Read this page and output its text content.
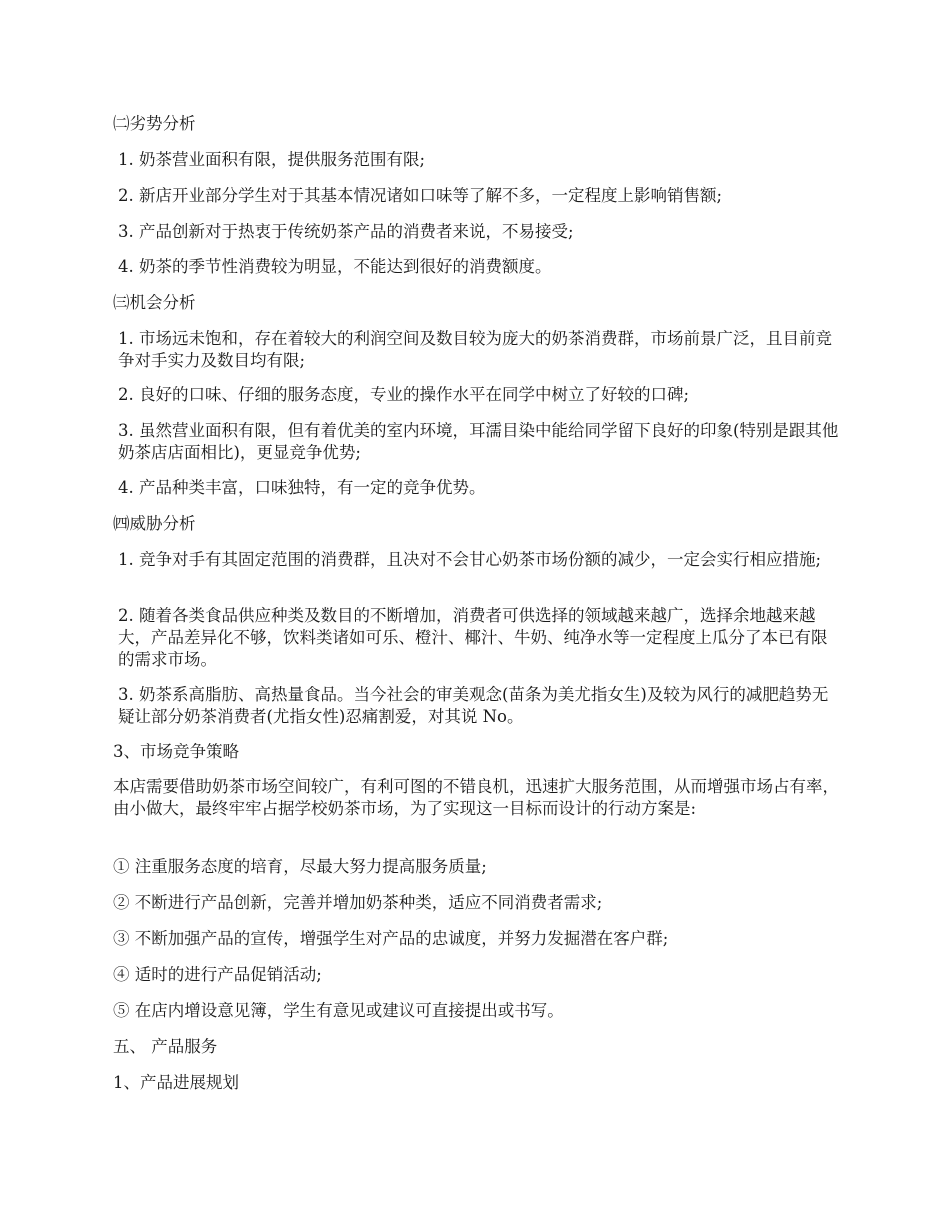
㈡劣势分析

1. 奶茶营业面积有限，提供服务范围有限;

2. 新店开业部分学生对于其基本情况诸如口味等了解不多，一定程度上影响销售额;

3. 产品创新对于热衷于传统奶茶产品的消费者来说，不易接受;

4. 奶茶的季节性消费较为明显，不能达到很好的消费额度。

㈢机会分析

1. 市场远未饱和，存在着较大的利润空间及数目较为庞大的奶茶消费群，市场前景广泛，且目前竞争对手实力及数目均有限;

2. 良好的口味、仔细的服务态度，专业的操作水平在同学中树立了好较的口碑;

3. 虽然营业面积有限，但有着优美的室内环境，耳濡目染中能给同学留下良好的印象(特别是跟其他奶茶店店面相比)，更显竞争优势;

4. 产品种类丰富，口味独特，有一定的竞争优势。

㈣威胁分析

1. 竞争对手有其固定范围的消费群，且决对不会甘心奶茶市场份额的减少，一定会实行相应措施;

2. 随着各类食品供应种类及数目的不断增加，消费者可供选择的领域越来越广，选择余地越来越大，产品差异化不够，饮料类诸如可乐、橙汁、椰汁、牛奶、纯净水等一定程度上瓜分了本已有限的需求市场。

3. 奶茶系高脂肪、高热量食品。当今社会的审美观念(苗条为美尤指女生)及较为风行的减肥趋势无疑让部分奶茶消费者(尤指女性)忍痛割爱，对其说 No。

3、市场竞争策略

本店需要借助奶茶市场空间较广，有利可图的不错良机，迅速扩大服务范围，从而增强市场占有率，由小做大，最终牢牢占据学校奶茶市场，为了实现这一目标而设计的行动方案是:

① 注重服务态度的培育，尽最大努力提高服务质量;

② 不断进行产品创新，完善并增加奶茶种类，适应不同消费者需求;

③ 不断加强产品的宣传，增强学生对产品的忠诚度，并努力发掘潜在客户群;

④ 适时的进行产品促销活动;

⑤ 在店内增设意见簿，学生有意见或建议可直接提出或书写。

五、 产品服务

1、产品进展规划
